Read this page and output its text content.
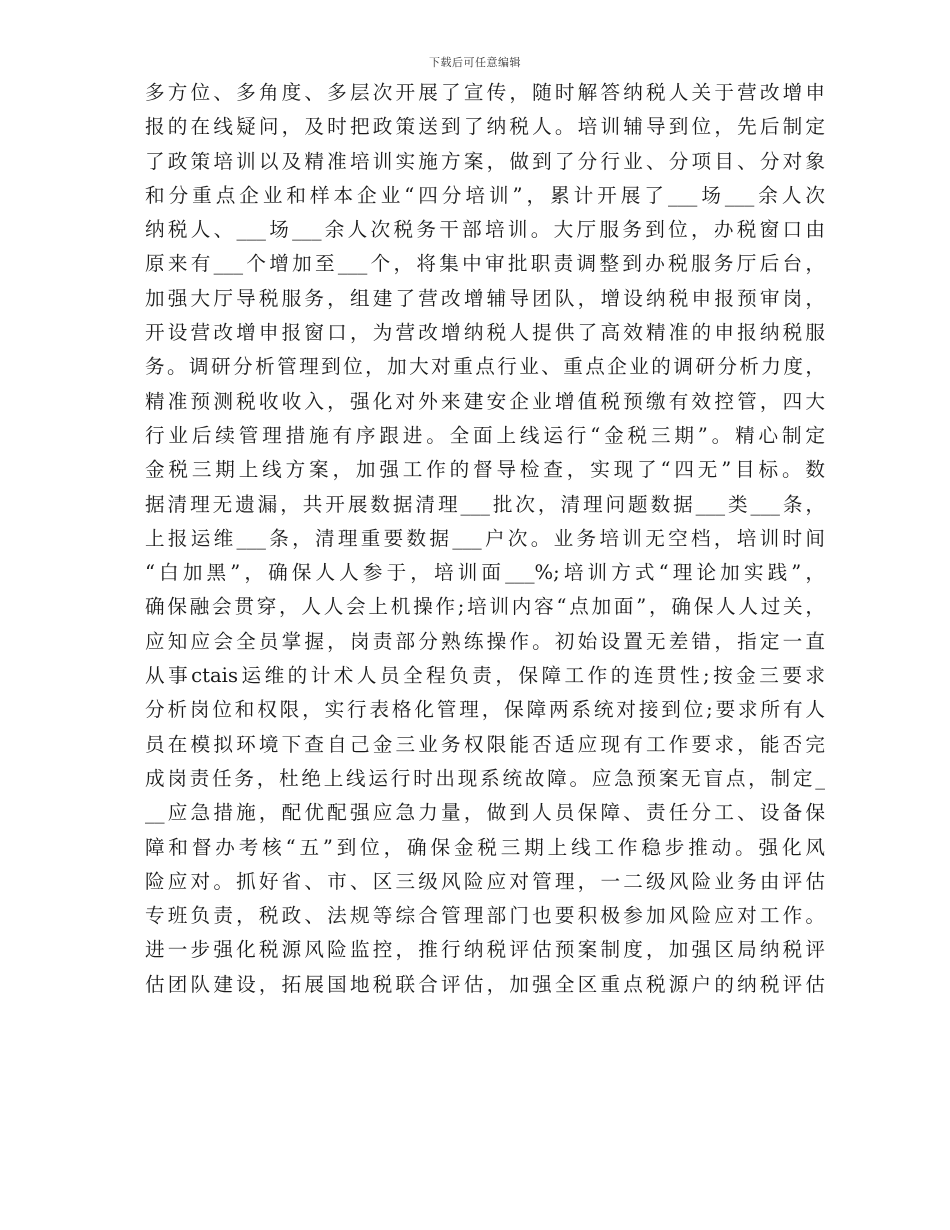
下载后可任意编辑
多方位、多角度、多层次开展了宣传，随时解答纳税人关于营改增申
报的在线疑问，及时把政策送到了纳税人。培训辅导到位，先后制定
了政策培训以及精准培训实施方案，做到了分行业、分项目、分对象
和分重点企业和样本企业“四分培训”，累计开展了___场___余人次
纳税人、___场___余人次税务干部培训。大厅服务到位，办税窗口由
原来有___个增加至___个，将集中审批职责调整到办税服务厅后台，
加强大厅导税服务，组建了营改增辅导团队，增设纳税申报预审岗，
开设营改增申报窗口，为营改增纳税人提供了高效精准的申报纳税服
务。调研分析管理到位，加大对重点行业、重点企业的调研分析力度，
精准预测税收收入，强化对外来建安企业增值税预缴有效控管，四大
行业后续管理措施有序跟进。全面上线运行“金税三期”。精心制定
金税三期上线方案，加强工作的督导检查，实现了“四无”目标。数
据清理无遗漏，共开展数据清理___批次，清理问题数据___类___条，
上报运维___条，清理重要数据___户次。业务培训无空档，培训时间
“白加黑”，确保人人参于，培训面___%;培训方式“理论加实践”，
确保融会贯穿，人人会上机操作;培训内容“点加面”，确保人人过关，
应知应会全员掌握，岗责部分熟练操作。初始设置无差错，指定一直
从事ctais运维的计术人员全程负责，保障工作的连贯性;按金三要求
分析岗位和权限，实行表格化管理，保障两系统对接到位;要求所有人
员在模拟环境下查自己金三业务权限能否适应现有工作要求，能否完
成岗责任务，杜绝上线运行时出现系统故障。应急预案无盲点，制定_
__应急措施，配优配强应急力量，做到人员保障、责任分工、设备保
障和督办考核“五”到位，确保金税三期上线工作稳步推动。强化风
险应对。抓好省、市、区三级风险应对管理，一二级风险业务由评估
专班负责，税政、法规等综合管理部门也要积极参加风险应对工作。
进一步强化税源风险监控，推行纳税评估预案制度，加强区局纳税评
估团队建设，拓展国地税联合评估，加强全区重点税源户的纳税评估
